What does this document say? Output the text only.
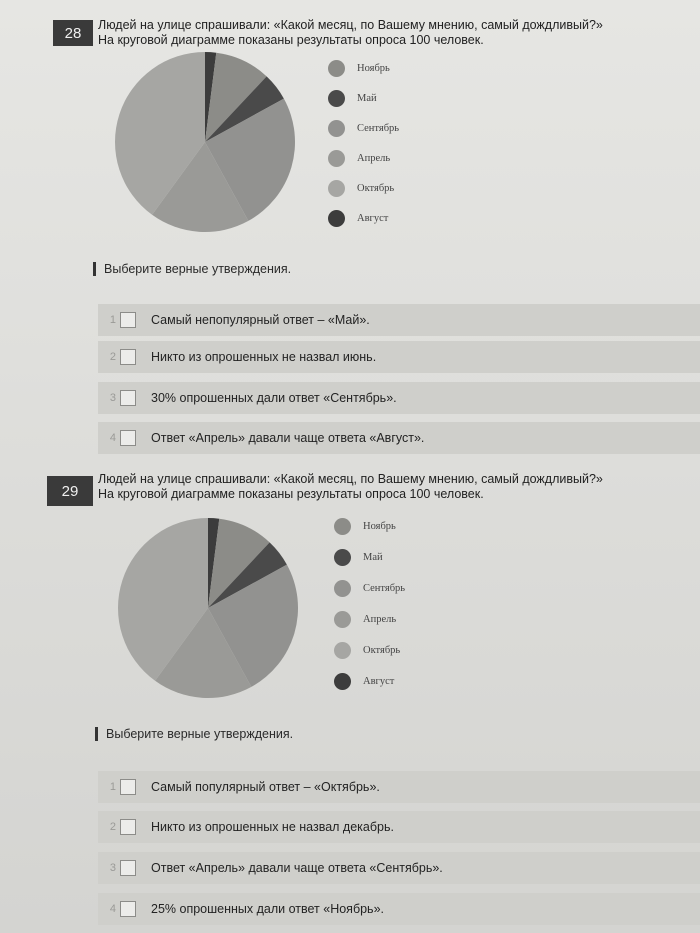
28	Людей на улице спрашивали: «Какой месяц, по Вашему мнению, самый дождливый?»
На круговой диаграмме показаны результаты опроса 100 человек.
Ноябрь
Май
Сентябрь
Апрель
Октябрь
Август
Выберите верные утверждения.
1	Самый непопулярный ответ – «Май».
2	Никто из опрошенных не назвал июнь.
3	30% опрошенных дали ответ «Сентябрь».
4	Ответ «Апрель» давали чаще ответа «Август».
29
Людей на улице спрашивали: «Какой месяц, по Вашему мнению, самый дождливый?»
На круговой диаграмме показаны результаты опроса 100 человек.
Ноябрь
Май
Сентябрь
Апрель
Октябрь
Август
Выберите верные утверждения.
1	Самый популярный ответ – «Октябрь».
2	Никто из опрошенных не назвал декабрь.
3	Ответ «Апрель» давали чаще ответа «Сентябрь».
4	25% опрошенных дали ответ «Ноябрь».
